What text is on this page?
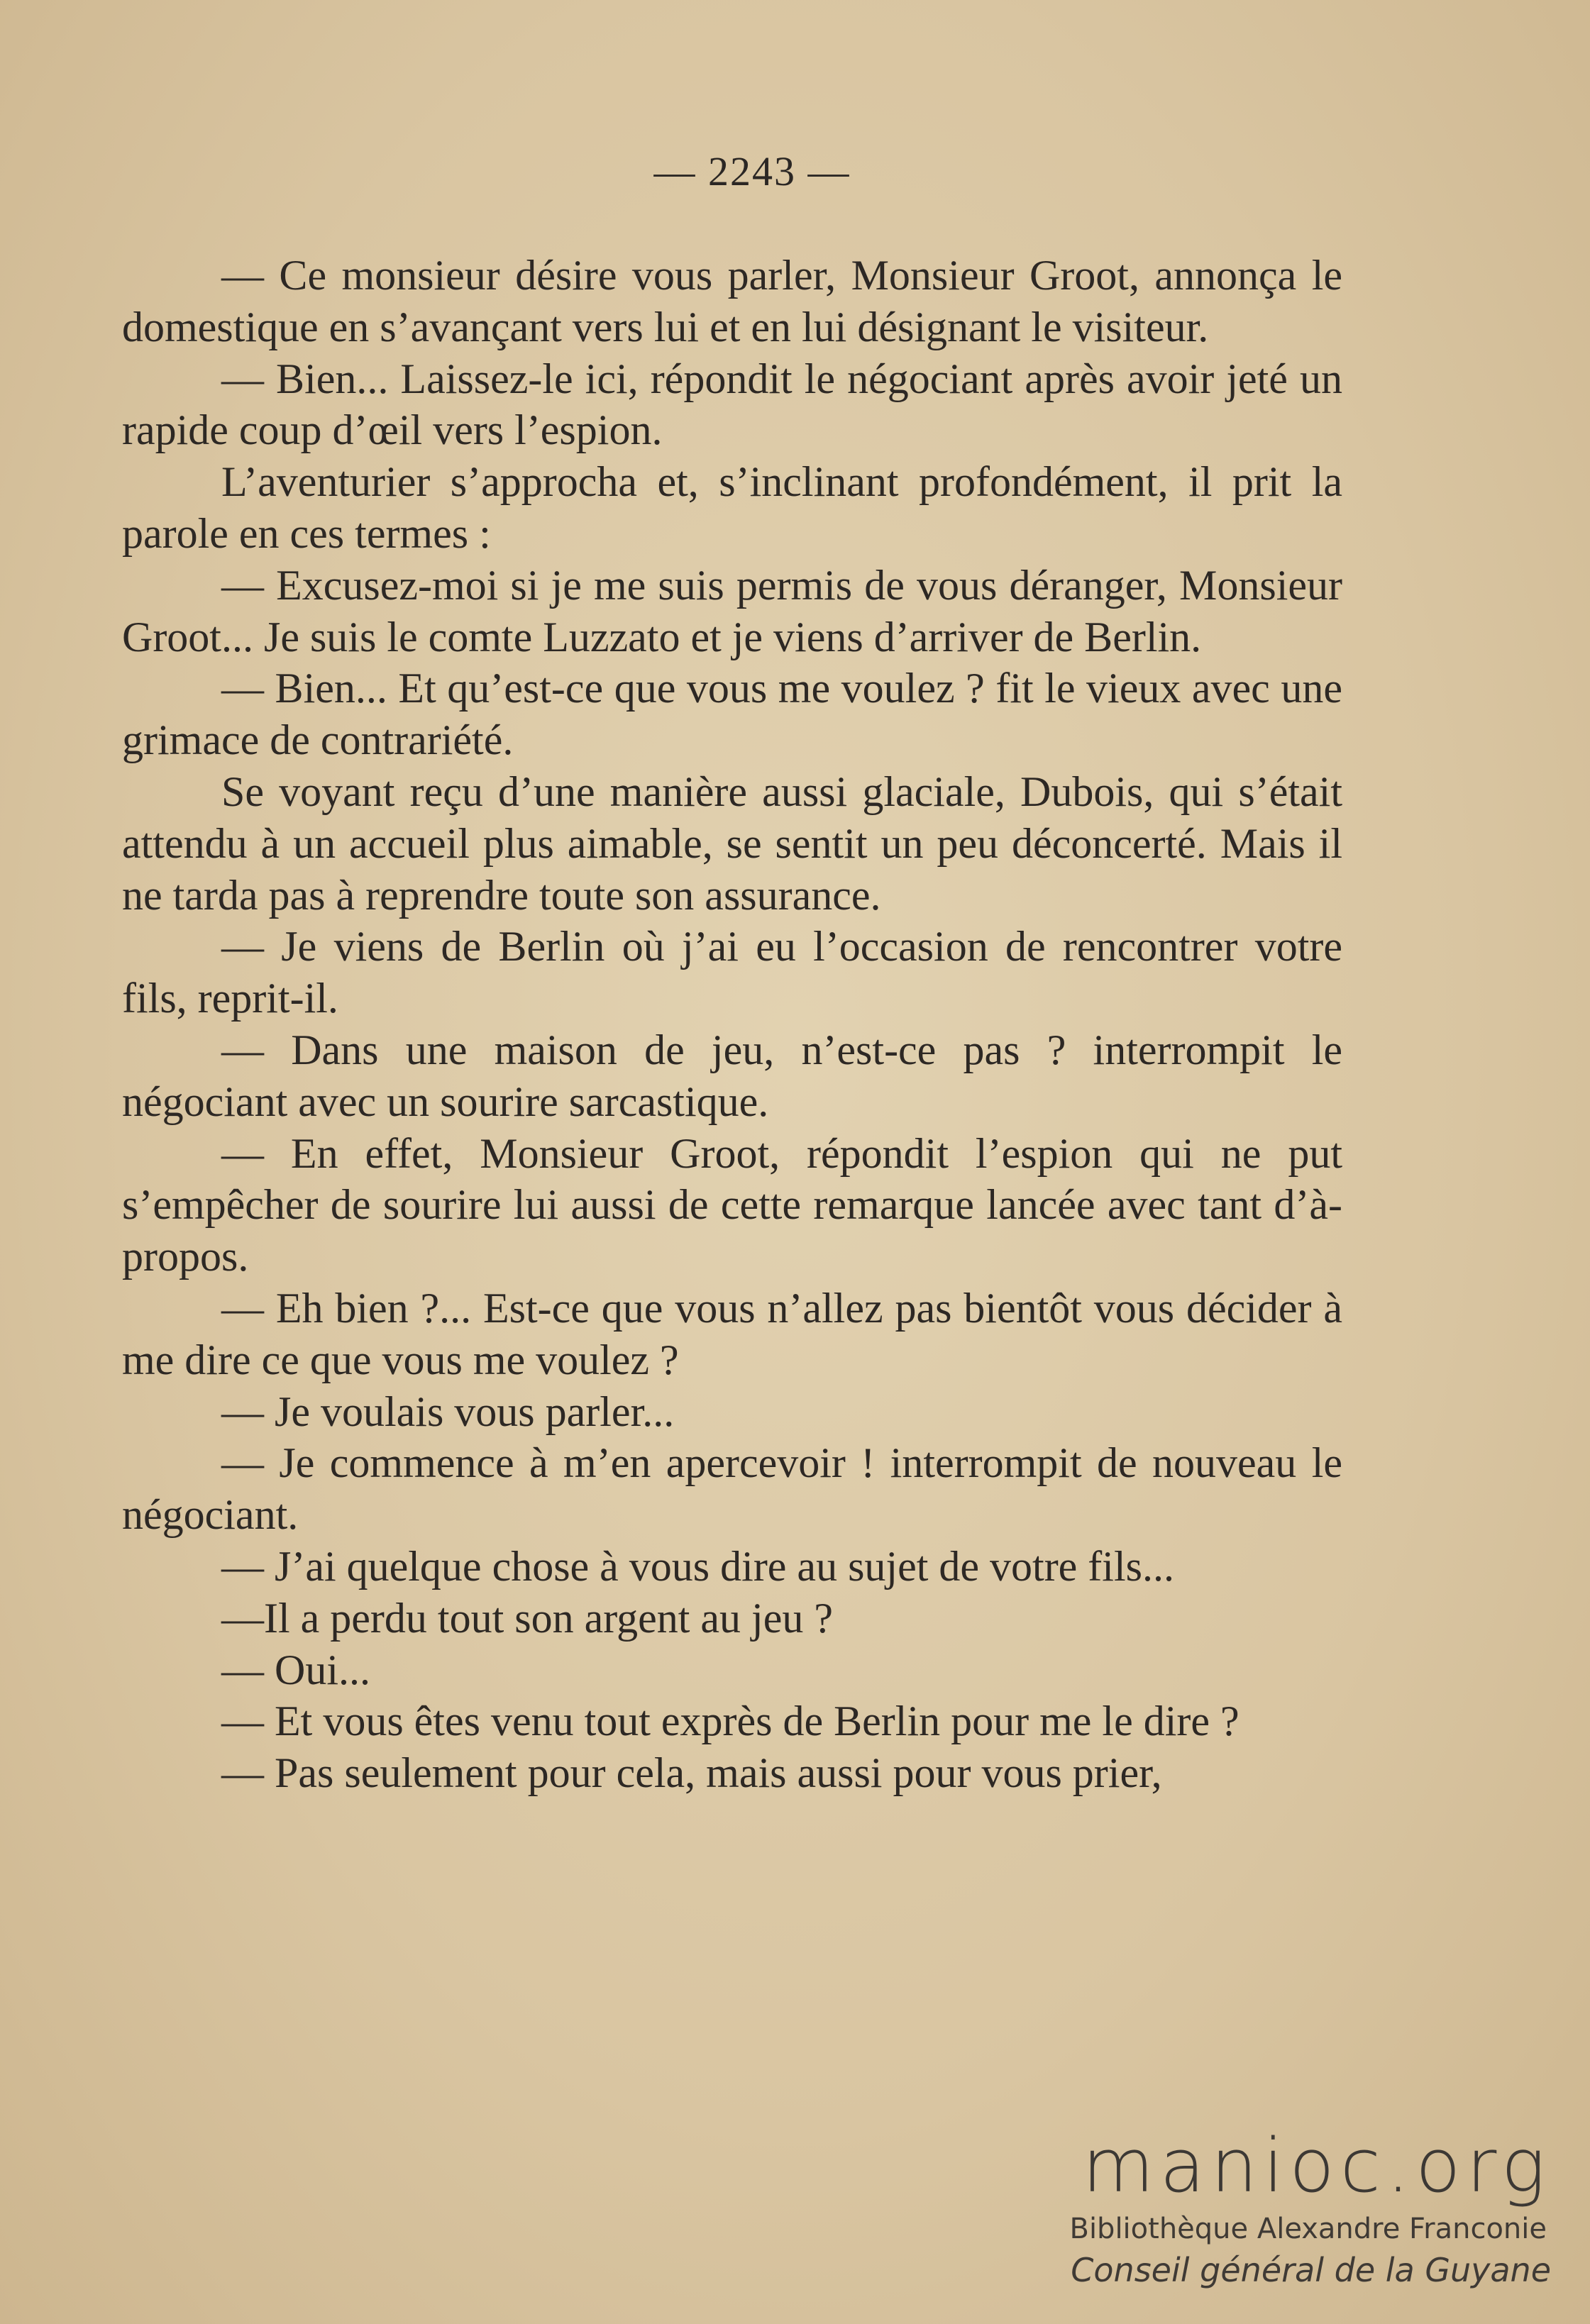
— 2243 —

— Ce monsieur désire vous parler, Monsieur Groot, annonça le domestique en s’avançant vers lui et en lui désignant le visiteur.

— Bien... Laissez-le ici, répondit le négociant après avoir jeté un rapide coup d’œil vers l’espion.

L’aventurier s’approcha et, s’inclinant profondément, il prit la parole en ces termes :

— Excusez-moi si je me suis permis de vous déranger, Monsieur Groot... Je suis le comte Luzzato et je viens d’arriver de Berlin.

— Bien... Et qu’est-ce que vous me voulez ? fit le vieux avec une grimace de contrariété.

Se voyant reçu d’une manière aussi glaciale, Dubois, qui s’était attendu à un accueil plus aimable, se sentit un peu déconcerté. Mais il ne tarda pas à reprendre toute son assurance.

— Je viens de Berlin où j’ai eu l’occasion de rencontrer votre fils, reprit-il.

— Dans une maison de jeu, n’est-ce pas ? interrompit le négociant avec un sourire sarcastique.

— En effet, Monsieur Groot, répondit l’espion qui ne put s’empêcher de sourire lui aussi de cette remarque lancée avec tant d’à-propos.

— Eh bien ?... Est-ce que vous n’allez pas bientôt vous décider à me dire ce que vous me voulez ?

— Je voulais vous parler...

— Je commence à m’en apercevoir ! interrompit de nouveau le négociant.

— J’ai quelque chose à vous dire au sujet de votre fils...

—Il a perdu tout son argent au jeu ?

— Oui...

— Et vous êtes venu tout exprès de Berlin pour me le dire ?

— Pas seulement pour cela, mais aussi pour vous prier,

manioc.org
Bibliothèque Alexandre Franconie
Conseil général de la Guyane
